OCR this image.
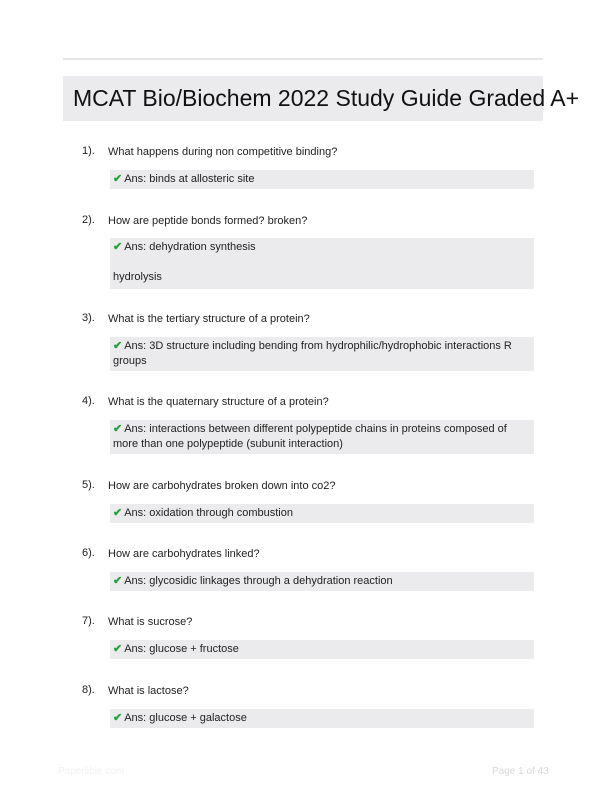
MCAT Bio/Biochem 2022 Study Guide Graded A+
1). What happens during non competitive binding?
✔ Ans: binds at allosteric site
2). How are peptide bonds formed? broken?
✔ Ans: dehydration synthesis
hydrolysis
3). What is the tertiary structure of a protein?
✔ Ans: 3D structure including bending from hydrophilic/hydrophobic interactions R groups
4). What is the quaternary structure of a protein?
✔ Ans: interactions between different polypeptide chains in proteins composed of more than one polypeptide (subunit interaction)
5). How are carbohydrates broken down into co2?
✔ Ans: oxidation through combustion
6). How are carbohydrates linked?
✔ Ans: glycosidic linkages through a dehydration reaction
7). What is sucrose?
✔ Ans: glucose + fructose
8). What is lactose?
✔ Ans: glucose + galactose
Paperlible.com	Page 1 of 43
